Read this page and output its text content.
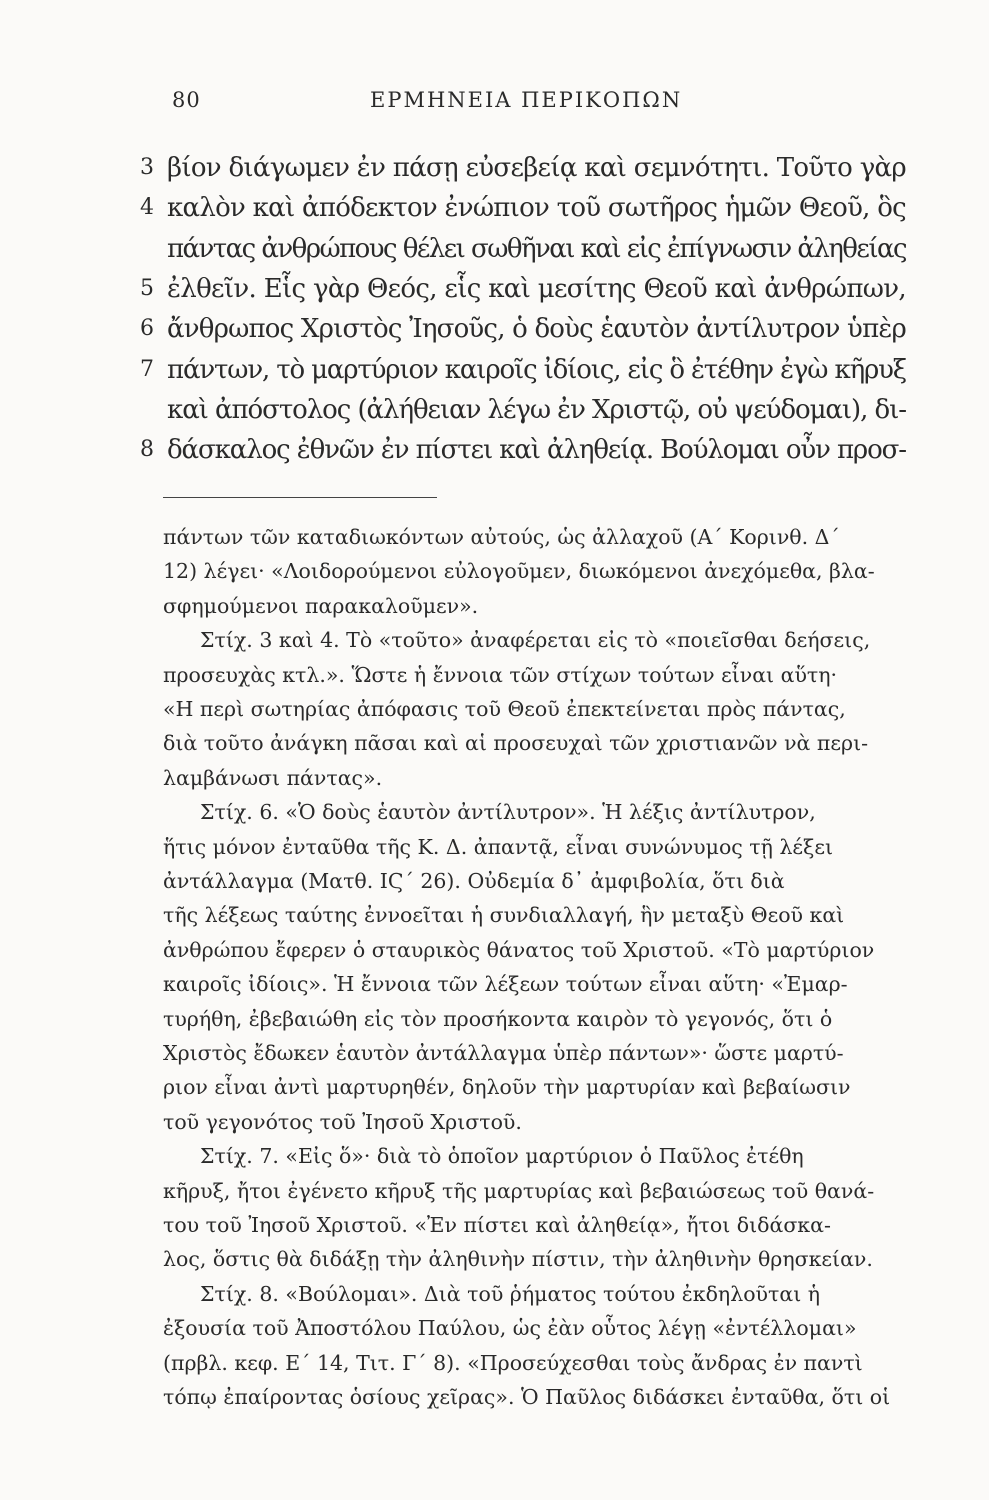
80	ΕΡΜΗΝΕΙΑ ΠΕΡΙΚΟΠΩΝ
3 βίον διάγωμεν ἐν πάσῃ εὐσεβείᾳ καὶ σεμνότητι. Τοῦτο γὰρ
4 καλὸν καὶ ἀπόδεκτον ἐνώπιον τοῦ σωτῆρος ἡμῶν Θεοῦ, ὃς
πάντας ἀνθρώπους θέλει σωθῆναι καὶ εἰς ἐπίγνωσιν ἀληθείας
5 ἐλθεῖν. Εἷς γὰρ Θεός, εἷς καὶ μεσίτης Θεοῦ καὶ ἀνθρώπων,
6 ἄνθρωπος Χριστὸς Ἰησοῦς, ὁ δοὺς ἑαυτὸν ἀντίλυτρον ὑπὲρ
7 πάντων, τὸ μαρτύριον καιροῖς ἰδίοις, εἰς ὃ ἐτέθην ἐγὼ κῆρυξ
καὶ ἀπόστολος (ἀλήθειαν λέγω ἐν Χριστῷ, οὐ ψεύδομαι), δι-
8 δάσκαλος ἐθνῶν ἐν πίστει καὶ ἀληθείᾳ. Βούλομαι οὖν προσ-
πάντων τῶν καταδιωκόντων αὐτούς, ὡς ἀλλαχοῦ (Α΄ Κορινθ. Δ΄
12) λέγει· «Λοιδορούμενοι εὐλογοῦμεν, διωκόμενοι ἀνεχόμεθα, βλα-
σφημούμενοι παρακαλοῦμεν».
Στίχ. 3 καὶ 4. Τὸ «τοῦτο» ἀναφέρεται εἰς τὸ «ποιεῖσθαι δεήσεις,
προσευχὰς κτλ.». Ὥστε ἡ ἔννοια τῶν στίχων τούτων εἶναι αὕτη·
«Η περὶ σωτηρίας ἀπόφασις τοῦ Θεοῦ ἐπεκτείνεται πρὸς πάντας,
διὰ τοῦτο ἀνάγκη πᾶσαι καὶ αἱ προσευχαὶ τῶν χριστιανῶν νὰ περι-
λαμβάνωσι πάντας».
Στίχ. 6. «Ὁ δοὺς ἑαυτὸν ἀντίλυτρον». Ἡ λέξις ἀντίλυτρον,
ἥτις μόνον ἐνταῦθα τῆς Κ. Δ. ἀπαντᾷ, εἶναι συνώνυμος τῇ λέξει
ἀντάλλαγμα (Ματθ. ΙϚ΄ 26). Οὐδεμία δ᾽ ἀμφιβολία, ὅτι διὰ
τῆς λέξεως ταύτης ἐννοεῖται ἡ συνδιαλλαγή, ἣν μεταξὺ Θεοῦ καὶ
ἀνθρώπου ἔφερεν ὁ σταυρικὸς θάνατος τοῦ Χριστοῦ. «Τὸ μαρτύριον
καιροῖς ἰδίοις». Ἡ ἔννοια τῶν λέξεων τούτων εἶναι αὕτη· «Ἐμαρ-
τυρήθη, ἐβεβαιώθη εἰς τὸν προσήκοντα καιρὸν τὸ γεγονός, ὅτι ὁ
Χριστὸς ἔδωκεν ἑαυτὸν ἀντάλλαγμα ὑπὲρ πάντων»· ὥστε μαρτύ-
ριον εἶναι ἀντὶ μαρτυρηθέν, δηλοῦν τὴν μαρτυρίαν καὶ βεβαίωσιν
τοῦ γεγονότος τοῦ Ἰησοῦ Χριστοῦ.
Στίχ. 7. «Εἰς ὅ»· διὰ τὸ ὁποῖον μαρτύριον ὁ Παῦλος ἐτέθη
κῆρυξ, ἤτοι ἐγένετο κῆρυξ τῆς μαρτυρίας καὶ βεβαιώσεως τοῦ θανά-
του τοῦ Ἰησοῦ Χριστοῦ. «Ἐν πίστει καὶ ἀληθείᾳ», ἤτοι διδάσκα-
λος, ὅστις θὰ διδάξῃ τὴν ἀληθινὴν πίστιν, τὴν ἀληθινὴν θρησκείαν.
Στίχ. 8. «Βούλομαι». Διὰ τοῦ ῥήματος τούτου ἐκδηλοῦται ἡ
ἐξουσία τοῦ Ἀποστόλου Παύλου, ὡς ἐὰν οὗτος λέγῃ «ἐντέλλομαι»
(πρβλ. κεφ. Ε΄ 14, Τιτ. Γ΄ 8). «Προσεύχεσθαι τοὺς ἄνδρας ἐν παντὶ
τόπῳ ἐπαίροντας ὁσίους χεῖρας». Ὁ Παῦλος διδάσκει ἐνταῦθα, ὅτι οἱ
